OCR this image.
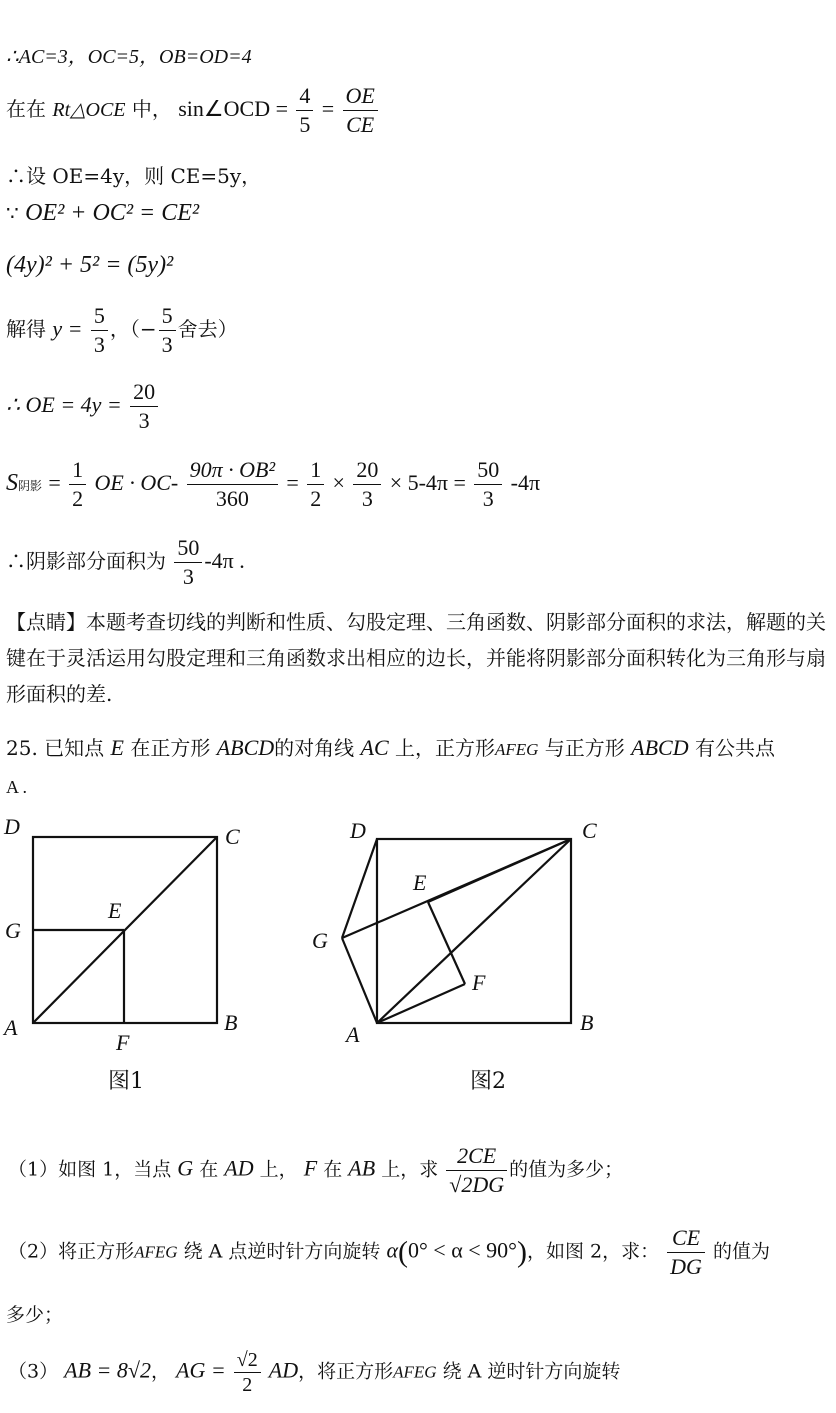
∴AC=3，OC=5，OB=OD=4
在在 Rt△OCE 中， sin∠OCD = $\frac{4}{5} = \frac{OE}{CE}$
∴设 OE=4y，则 CE=5y，
∵ OE² + OC² = CE²
(4y)² + 5² = (5y)²
解得 $y = \frac{5}{3}$ ，（− $\frac{5}{3}$ 舍去）
∴ OE = $4y = \frac{20}{3}$
S阴影 = $\frac{1}{2}$ OE · $OC- \frac{\text{90π · OB²}}{360} = \frac{1}{2} \times \frac{20}{3} \times 5-4\pi = \frac{50}{3} -4\pi$
∴阴影部分面积为 $\frac{50}{3} -4\pi$ .
【点睛】本题考查切线的判断和性质、勾股定理、三角函数、阴影部分面积的求法，解题的关键在于灵活运用勾股定理和三角函数求出相应的边长，并能将阴影部分面积转化为三角形与扇形面积的差.
25. 已知点 E 在正方形 ABCD的对角线 AC 上，正方形AFEG 与正方形 ABCD 有公共点
A .
D	C
G
E
A
F
B
图1
D	C
E
G
F
A	B
图2
（1）如图 1，当点 G 在 AD 上， F 在 AB 上，求 $\frac{2CE}{√2DG}$ 的值为多少；
（2）将正方形AFEG 绕 A 点逆时针方向旋转 α(0° < α < 90°)，如图 2，求： $\frac{CE}{DG}$ 的值为
多少；
（3） AB = 8√2， AG = $\frac{√2}{2}$ AD，将正方形AFEG 绕 A 逆时针方向旋转
